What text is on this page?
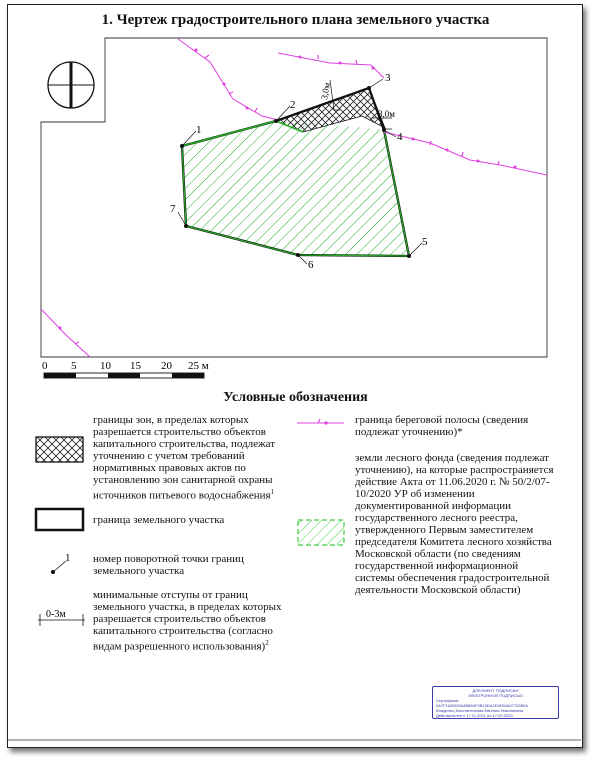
1. Чертеж градостроительного плана земельного участка
3,0м
3,0м
1
2
3
4
5
6
7
0 5 10 15 20 25 м
1
0-3м
Условные обозначения
границы зон, в пределах которых разрешается строительство объектов капитального строительства, подлежат уточнению с учетом требований нормативных правовых актов по установлению зон санитарной охраны источников питьевого водоснабжения$^1$
граница земельного участка
номер поворотной точки границ земельного участка
минимальные отступы от границ земельного участка, в пределах которых разрешается строительство объектов капитального строительства (согласно видам разрешенного использования)$^2$
граница береговой полосы (сведения подлежат уточнению)*
земли лесного фонда (сведения подлежат уточнению), на которые распространяется действие Акта от 11.06.2020 г. № 50/2/07-10/2020 УР об изменении документированной информации государственного лесного реестра, утвержденного Первым заместителем председателя Комитета лесного хозяйства Московской области (по сведениям государственной информационной системы обеспечения градостроительной деятельности Московской области)
ДОКУМЕНТ ПОДПИСАН
ЭЛЕКТРОННОЙ ПОДПИСЬЮ
Сертификат
0A7F1AE0D9A4B6B4F0B15DA2D4F66A07702B0A
Владелец Константинова Евгения Николаевна
Действителен с 17.11.2021 по 17.02.2023
